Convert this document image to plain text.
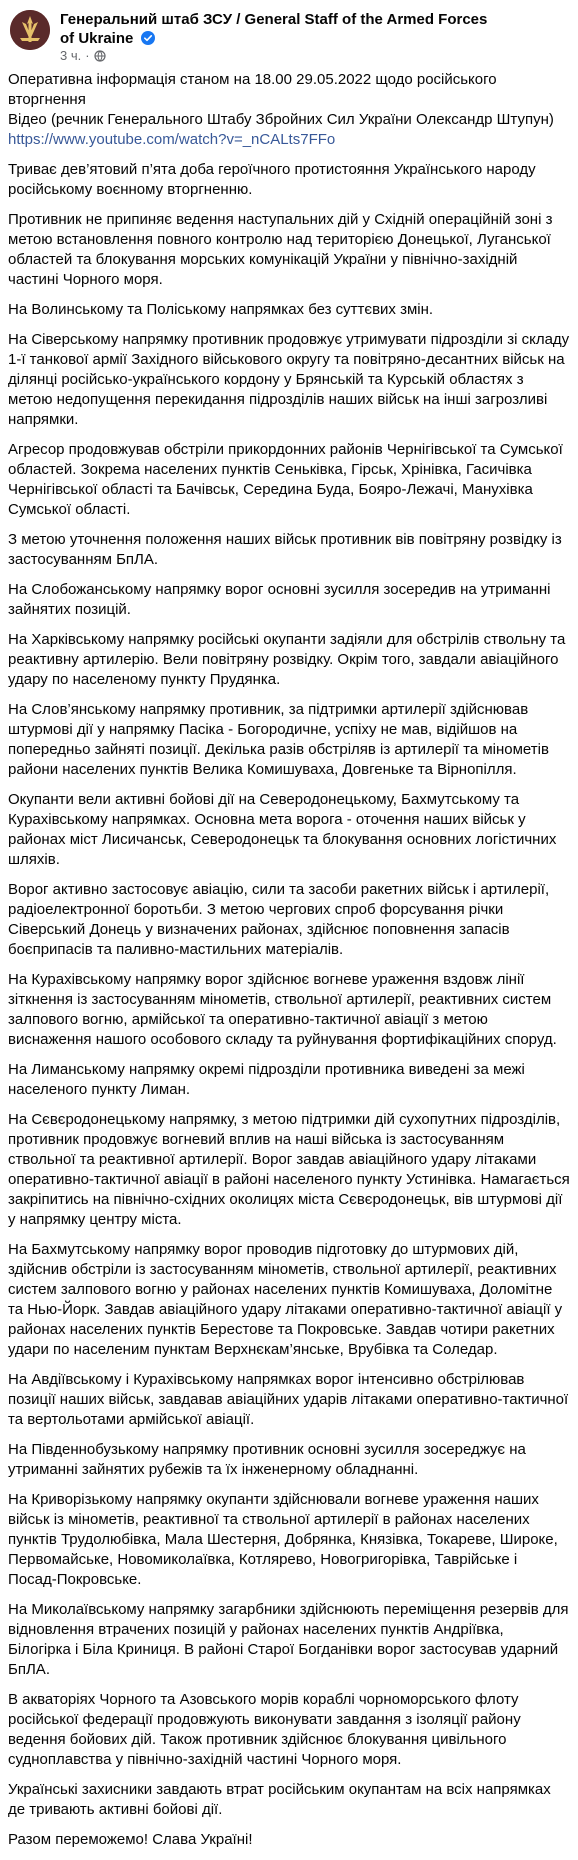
Генеральний штаб ЗСУ / General Staff of the Armed Forces of Ukraine
3 ч. ·
Оперативна інформація станом на 18.00 29.05.2022 щодо російського вторгнення
Відео (речник Генерального Штабу Збройних Сил України Олександр Штупун)
https://www.youtube.com/watch?v=_nCALts7FFo

Триває дев’ятовий п’ята доба героїчного протистояння Українського народу російському воєнному вторгненню.

Противник не припиняє ведення наступальних дій у Східній операційній зоні з метою встановлення повного контролю над територією Донецької, Луганської областей та блокування морських комунікацій України у північно-західній частині Чорного моря.

На Волинському та Поліському напрямках без суттєвих змін.

На Сіверському напрямку противник продовжує утримувати підрозділи зі складу 1-ї танкової армії Західного військового округу та повітряно-десантних військ на ділянці російсько-українського кордону у Брянській та Курській областях з метою недопущення перекидання підрозділів наших військ на інші загрозливі напрямки.

Агресор продовжував обстріли прикордонних районів Чернігівської та Сумської областей. Зокрема населених пунктів Сеньківка, Гірськ, Хрінівка, Гасичівка Чернігівської області та Бачівськ, Середина Буда, Бояро-Лежачі, Манухівка Сумської області.

З метою уточнення положення наших військ противник вів повітряну розвідку із застосуванням БпЛА.

На Слобожанському напрямку ворог основні зусилля зосередив на утриманні зайнятих позицій.

На Харківському напрямку російські окупанти задіяли для обстрілів ствольну та реактивну артилерію. Вели повітряну розвідку. Окрім того, завдали авіаційного удару по населеному пункту Прудянка.

На Слов’янському напрямку противник, за підтримки артилерії здійснював штурмові дії у напрямку Пасіка - Богородичне, успіху не мав, відійшов на попередньо зайняті позиції. Декілька разів обстріляв із артилерії та мінометів райони населених пунктів Велика Комишуваха, Довгеньке та Вірнопілля.

Окупанти вели активні бойові дії на Северодонецькому, Бахмутському та Курахівському напрямках. Основна мета ворога - оточення наших військ у районах міст Лисичанськ, Северодонецьк та блокування основних логістичних шляхів.

Ворог активно застосовує авіацію, сили та засоби ракетних військ і артилерії, радіоелектронної боротьби. З метою чергових спроб форсування річки Сіверський Донець у визначених районах, здійснює поповнення запасів боєприпасів та паливно-мастильних матеріалів.

На Курахівському напрямку ворог здійснює вогневе ураження вздовж лінії зіткнення із застосуванням мінометів, ствольної артилерії, реактивних систем залпового вогню, армійської та оперативно-тактичної авіації з метою виснаження нашого особового складу та руйнування фортифікаційних споруд.

На Лиманському напрямку окремі підрозділи противника виведені за межі населеного пункту Лиман.

На Сєвєродонецькому напрямку, з метою підтримки дій сухопутних підрозділів, противник продовжує вогневий вплив на наші війська із застосуванням ствольної та реактивної артилерії. Ворог завдав авіаційного удару літаками оперативно-тактичної авіації в районі населеного пункту Устинівка. Намагається закріпитись на північно-східних околицях міста Сєвєродонецьк, вів штурмові дії у напрямку центру міста.

На Бахмутському напрямку ворог проводив підготовку до штурмових дій, здійснив обстріли із застосуванням мінометів, ствольної артилерії, реактивних систем залпового вогню у районах населених пунктів Комишуваха, Доломітне та Нью-Йорк. Завдав авіаційного удару літаками оперативно-тактичної авіації у районах населених пунктів Берестове та Покровське. Завдав чотири ракетних удари по населеним пунктам Верхнєкам’янське, Врубівка та Соледар.

На Авдіївському і Курахівському напрямках ворог інтенсивно обстрілював позиції наших військ, завдавав авіаційних ударів літаками оперативно-тактичної та вертольотами армійської авіації.

На Південнобузькому напрямку противник основні зусилля зосереджує на утриманні зайнятих рубежів та їх інженерному обладнанні.

На Криворізькому напрямку окупанти здійснювали вогневе ураження наших військ із мінометів, реактивної та ствольної артилерії в районах населених пунктів Трудолюбівка, Мала Шестерня, Добрянка, Князівка, Токареве, Широке, Первомайське, Новомиколаївка, Котлярево, Новогригорівка, Таврійське і Посад-Покровське.

На Миколаївському напрямку загарбники здійснюють переміщення резервів для відновлення втрачених позицій у районах населених пунктів Андріївка, Білогірка і Біла Криниця. В районі Старої Богданівки ворог застосував ударний БпЛА.

В акваторіях Чорного та Азовського морів кораблі чорноморського флоту російської федерації продовжують виконувати завдання з ізоляції району ведення бойових дій. Також противник здійснює блокування цивільного судноплавства у північно-західній частині Чорного моря.

Українські захисники завдають втрат російським окупантам на всіх напрямках де тривають активні бойові дії.

Разом переможемо! Слава Україні!
